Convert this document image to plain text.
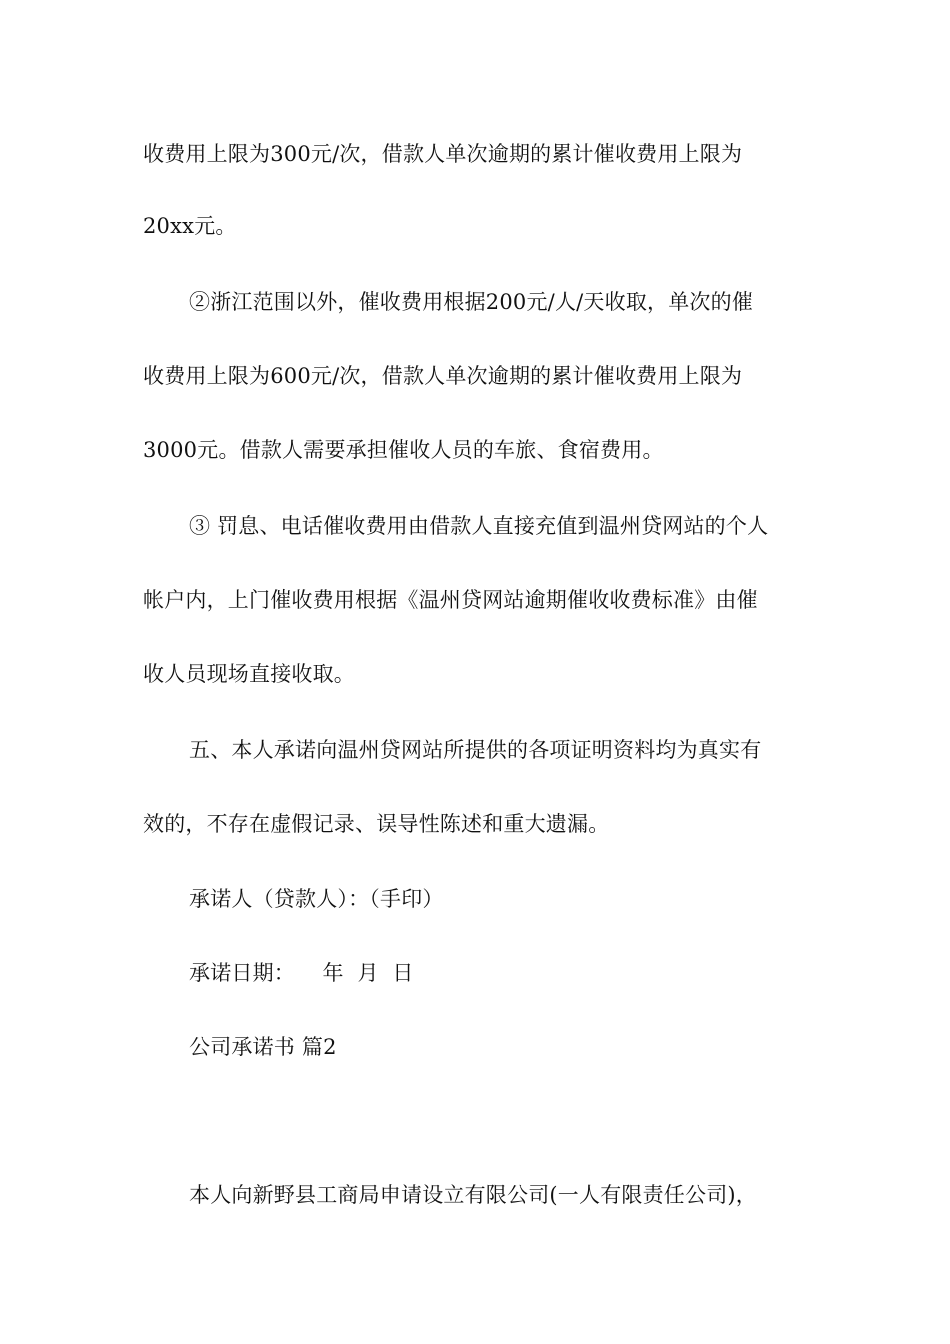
收费用上限为300元/次，借款人单次逾期的累计催收费用上限为
20xx元。
②浙江范围以外，催收费用根据200元/人/天收取，单次的催
收费用上限为600元/次，借款人单次逾期的累计催收费用上限为
3000元。借款人需要承担催收人员的车旅、食宿费用。
③ 罚息、电话催收费用由借款人直接充值到温州贷网站的个人
帐户内，上门催收费用根据《温州贷网站逾期催收收费标准》由催
收人员现场直接收取。
五、本人承诺向温州贷网站所提供的各项证明资料均为真实有
效的，不存在虚假记录、误导性陈述和重大遗漏。
承诺人（贷款人）：（手印）
承诺日期：    年  月  日
公司承诺书 篇2
本人向新野县工商局申请设立有限公司(一人有限责任公司)，
